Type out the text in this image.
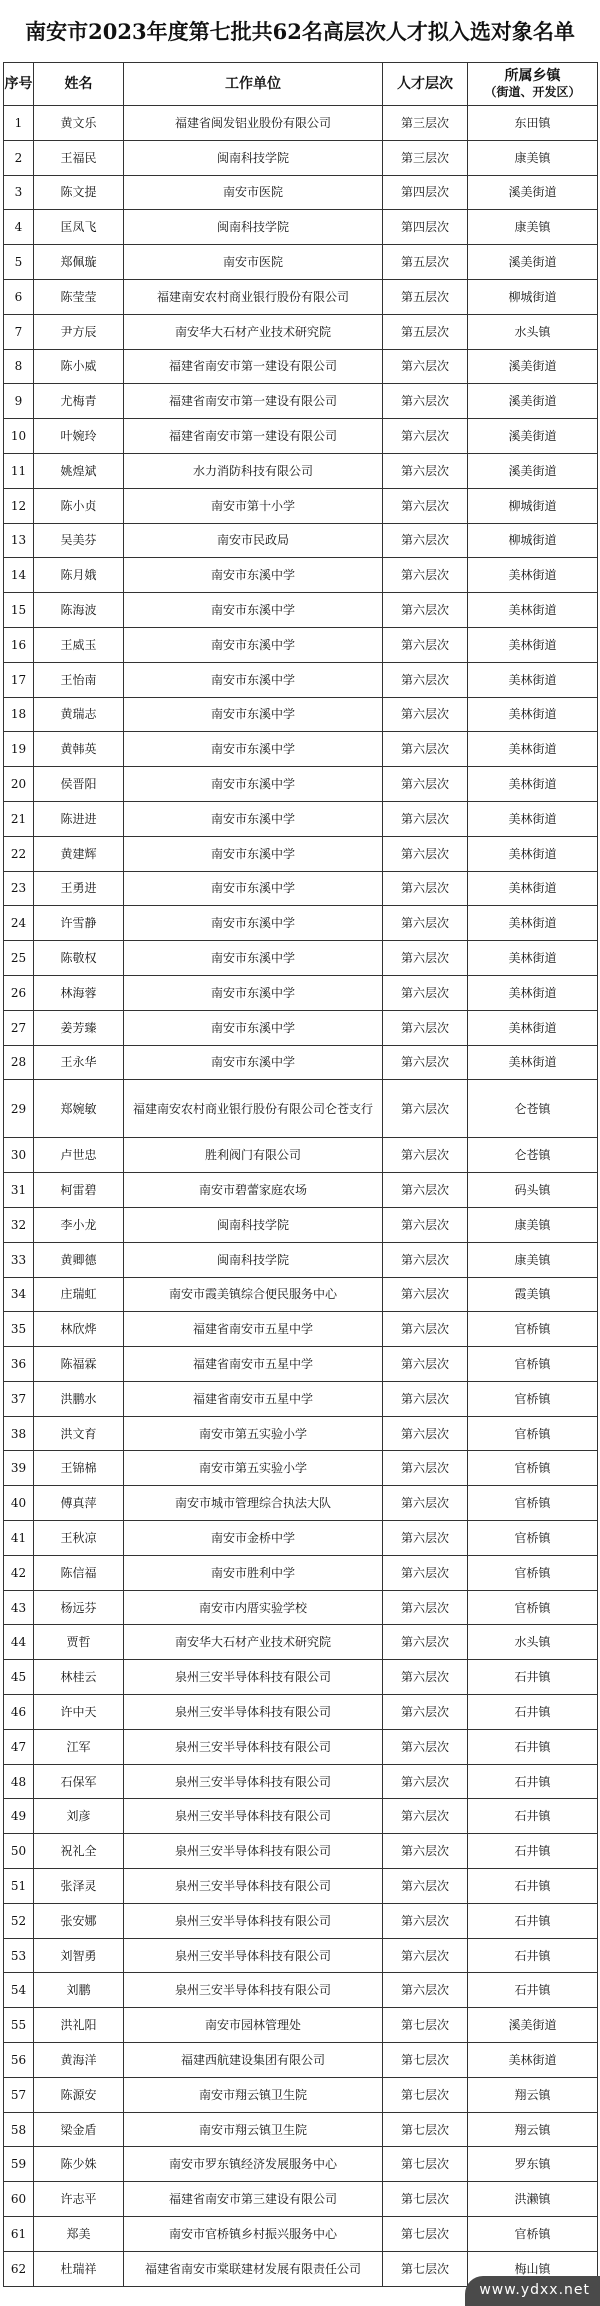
南安市2023年度第七批共62名高层次人才拟入选对象名单
序号	姓名	工作单位	人才层次	所属乡镇
（街道、开发区）

1	黄文乐	福建省闽发铝业股份有限公司	第三层次	东田镇
2	王福民	闽南科技学院	第三层次	康美镇
3	陈文提	南安市医院	第四层次	溪美街道
4	匡凤飞	闽南科技学院	第四层次	康美镇
5	郑佩璇	南安市医院	第五层次	溪美街道
6	陈莹莹	福建南安农村商业银行股份有限公司	第五层次	柳城街道
7	尹方辰	南安华大石材产业技术研究院	第五层次	水头镇
8	陈小威	福建省南安市第一建设有限公司	第六层次	溪美街道
9	尤梅青	福建省南安市第一建设有限公司	第六层次	溪美街道
10	叶婉玲	福建省南安市第一建设有限公司	第六层次	溪美街道
11	姚煌斌	水力消防科技有限公司	第六层次	溪美街道
12	陈小贞	南安市第十小学	第六层次	柳城街道
13	吴美芬	南安市民政局	第六层次	柳城街道
14	陈月娥	南安市东溪中学	第六层次	美林街道
15	陈海波	南安市东溪中学	第六层次	美林街道
16	王威玉	南安市东溪中学	第六层次	美林街道
17	王怡南	南安市东溪中学	第六层次	美林街道
18	黄瑞志	南安市东溪中学	第六层次	美林街道
19	黄韩英	南安市东溪中学	第六层次	美林街道
20	侯晋阳	南安市东溪中学	第六层次	美林街道
21	陈进进	南安市东溪中学	第六层次	美林街道
22	黄建辉	南安市东溪中学	第六层次	美林街道
23	王勇进	南安市东溪中学	第六层次	美林街道
24	许雪静	南安市东溪中学	第六层次	美林街道
25	陈敬权	南安市东溪中学	第六层次	美林街道
26	林海蓉	南安市东溪中学	第六层次	美林街道
27	姜芳臻	南安市东溪中学	第六层次	美林街道
28	王永华	南安市东溪中学	第六层次	美林街道
29	郑婉敏	福建南安农村商业银行股份有限公司仑苍支行	第六层次	仑苍镇
30	卢世忠	胜利阀门有限公司	第六层次	仑苍镇
31	柯雷碧	南安市碧蕾家庭农场	第六层次	码头镇
32	李小龙	闽南科技学院	第六层次	康美镇
33	黄卿德	闽南科技学院	第六层次	康美镇
34	庄瑞虹	南安市霞美镇综合便民服务中心	第六层次	霞美镇
35	林欣烨	福建省南安市五星中学	第六层次	官桥镇
36	陈福霖	福建省南安市五星中学	第六层次	官桥镇
37	洪鹏水	福建省南安市五星中学	第六层次	官桥镇
38	洪文育	南安市第五实验小学	第六层次	官桥镇
39	王锦棉	南安市第五实验小学	第六层次	官桥镇
40	傅真萍	南安市城市管理综合执法大队	第六层次	官桥镇
41	王秋凉	南安市金桥中学	第六层次	官桥镇
42	陈信福	南安市胜利中学	第六层次	官桥镇
43	杨远芬	南安市内厝实验学校	第六层次	官桥镇
44	贾哲	南安华大石材产业技术研究院	第六层次	水头镇
45	林桂云	泉州三安半导体科技有限公司	第六层次	石井镇
46	许中天	泉州三安半导体科技有限公司	第六层次	石井镇
47	江军	泉州三安半导体科技有限公司	第六层次	石井镇
48	石保军	泉州三安半导体科技有限公司	第六层次	石井镇
49	刘彦	泉州三安半导体科技有限公司	第六层次	石井镇
50	祝礼全	泉州三安半导体科技有限公司	第六层次	石井镇
51	张泽灵	泉州三安半导体科技有限公司	第六层次	石井镇
52	张安娜	泉州三安半导体科技有限公司	第六层次	石井镇
53	刘智勇	泉州三安半导体科技有限公司	第六层次	石井镇
54	刘鹏	泉州三安半导体科技有限公司	第六层次	石井镇
55	洪礼阳	南安市园林管理处	第七层次	溪美街道
56	黄海洋	福建西航建设集团有限公司	第七层次	美林街道
57	陈源安	南安市翔云镇卫生院	第七层次	翔云镇
58	梁金盾	南安市翔云镇卫生院	第七层次	翔云镇
59	陈少姝	南安市罗东镇经济发展服务中心	第七层次	罗东镇
60	许志平	福建省南安市第三建设有限公司	第七层次	洪濑镇
61	郑美	南安市官桥镇乡村振兴服务中心	第七层次	官桥镇
62	杜瑞祥	福建省南安市棠联建材发展有限责任公司	第七层次	梅山镇
www.ydxx.net
